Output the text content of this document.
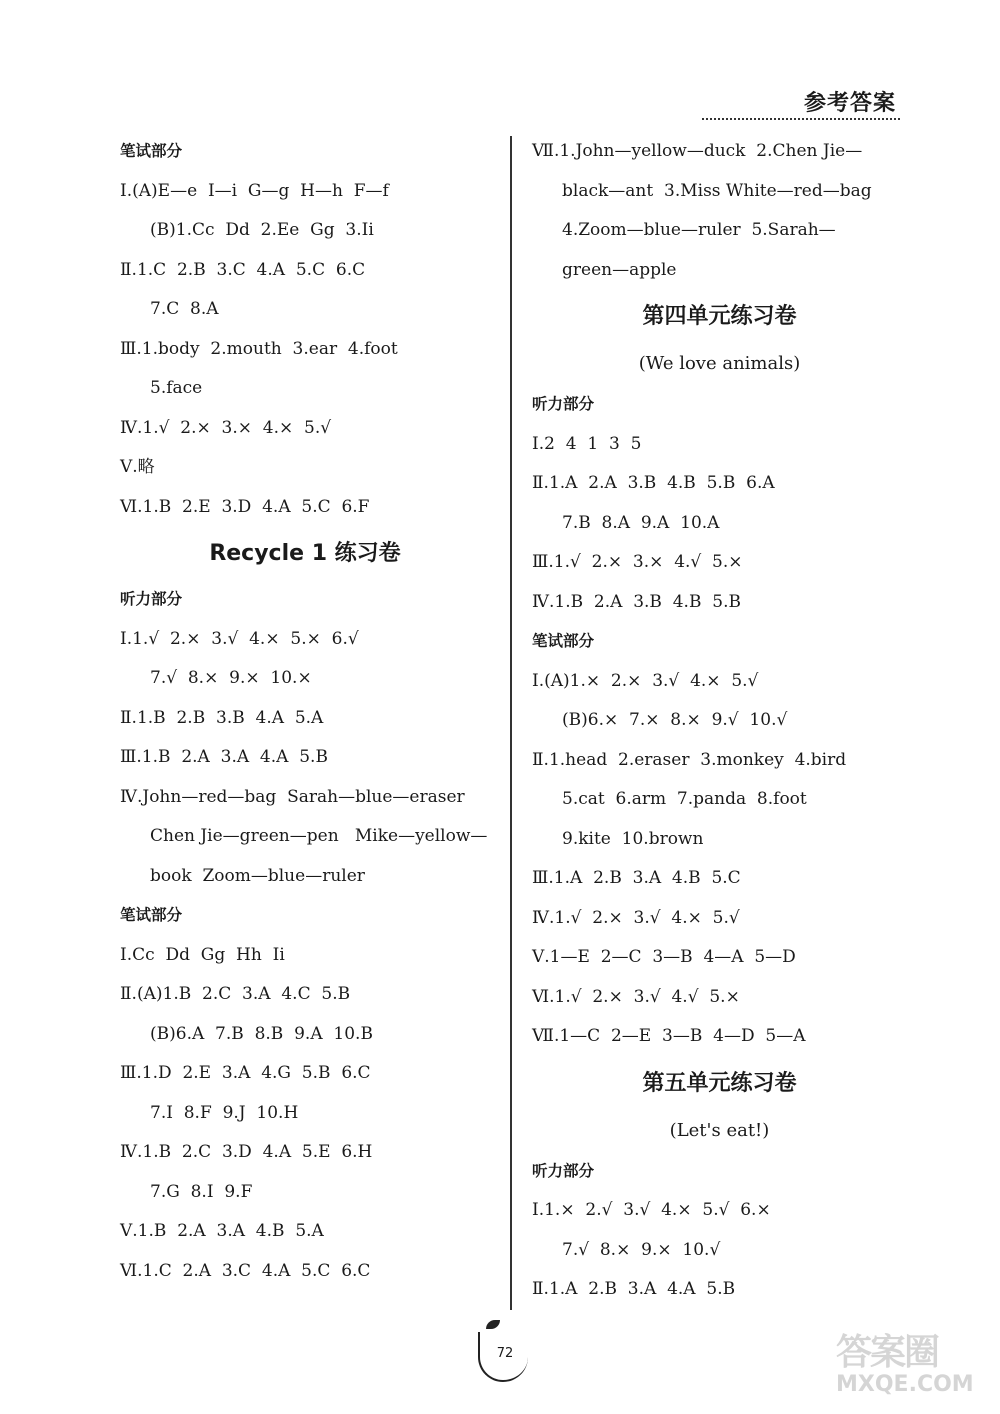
参考答案
笔试部分
Ⅰ.(A)E—e  I—i  G—g  H—h  F—f
(B)1.Cc  Dd  2.Ee  Gg  3.Ii
Ⅱ.1.C  2.B  3.C  4.A  5.C  6.C
7.C  8.A
Ⅲ.1.body  2.mouth  3.ear  4.foot
5.face
Ⅳ.1.√  2.×  3.×  4.×  5.√
Ⅴ.略
Ⅵ.1.B  2.E  3.D  4.A  5.C  6.F
Recycle 1 练习卷
听力部分
Ⅰ.1.√  2.×  3.√  4.×  5.×  6.√
7.√  8.×  9.×  10.×
Ⅱ.1.B  2.B  3.B  4.A  5.A
Ⅲ.1.B  2.A  3.A  4.A  5.B
Ⅳ.John—red—bag  Sarah—blue—eraser
Chen Jie—green—pen   Mike—yellow—
book  Zoom—blue—ruler
笔试部分
Ⅰ.Cc  Dd  Gg  Hh  Ii
Ⅱ.(A)1.B  2.C  3.A  4.C  5.B
(B)6.A  7.B  8.B  9.A  10.B
Ⅲ.1.D  2.E  3.A  4.G  5.B  6.C
7.I  8.F  9.J  10.H
Ⅳ.1.B  2.C  3.D  4.A  5.E  6.H
7.G  8.I  9.F
Ⅴ.1.B  2.A  3.A  4.B  5.A
Ⅵ.1.C  2.A  3.C  4.A  5.C  6.C
Ⅶ.1.John—yellow—duck  2.Chen Jie—
black—ant  3.Miss White—red—bag
4.Zoom—blue—ruler  5.Sarah—
green—apple
第四单元练习卷
(We love animals)
听力部分
Ⅰ.2  4  1  3  5
Ⅱ.1.A  2.A  3.B  4.B  5.B  6.A
7.B  8.A  9.A  10.A
Ⅲ.1.√  2.×  3.×  4.√  5.×
Ⅳ.1.B  2.A  3.B  4.B  5.B
笔试部分
Ⅰ.(A)1.×  2.×  3.√  4.×  5.√
(B)6.×  7.×  8.×  9.√  10.√
Ⅱ.1.head  2.eraser  3.monkey  4.bird
5.cat  6.arm  7.panda  8.foot
9.kite  10.brown
Ⅲ.1.A  2.B  3.A  4.B  5.C
Ⅳ.1.√  2.×  3.√  4.×  5.√
Ⅴ.1—E  2—C  3—B  4—A  5—D
Ⅵ.1.√  2.×  3.√  4.√  5.×
Ⅶ.1—C  2—E  3—B  4—D  5—A
第五单元练习卷
(Let's eat!)
听力部分
Ⅰ.1.×  2.√  3.√  4.×  5.√  6.×
7.√  8.×  9.×  10.√
Ⅱ.1.A  2.B  3.A  4.A  5.B
72	答案圈
MXQE.COM
